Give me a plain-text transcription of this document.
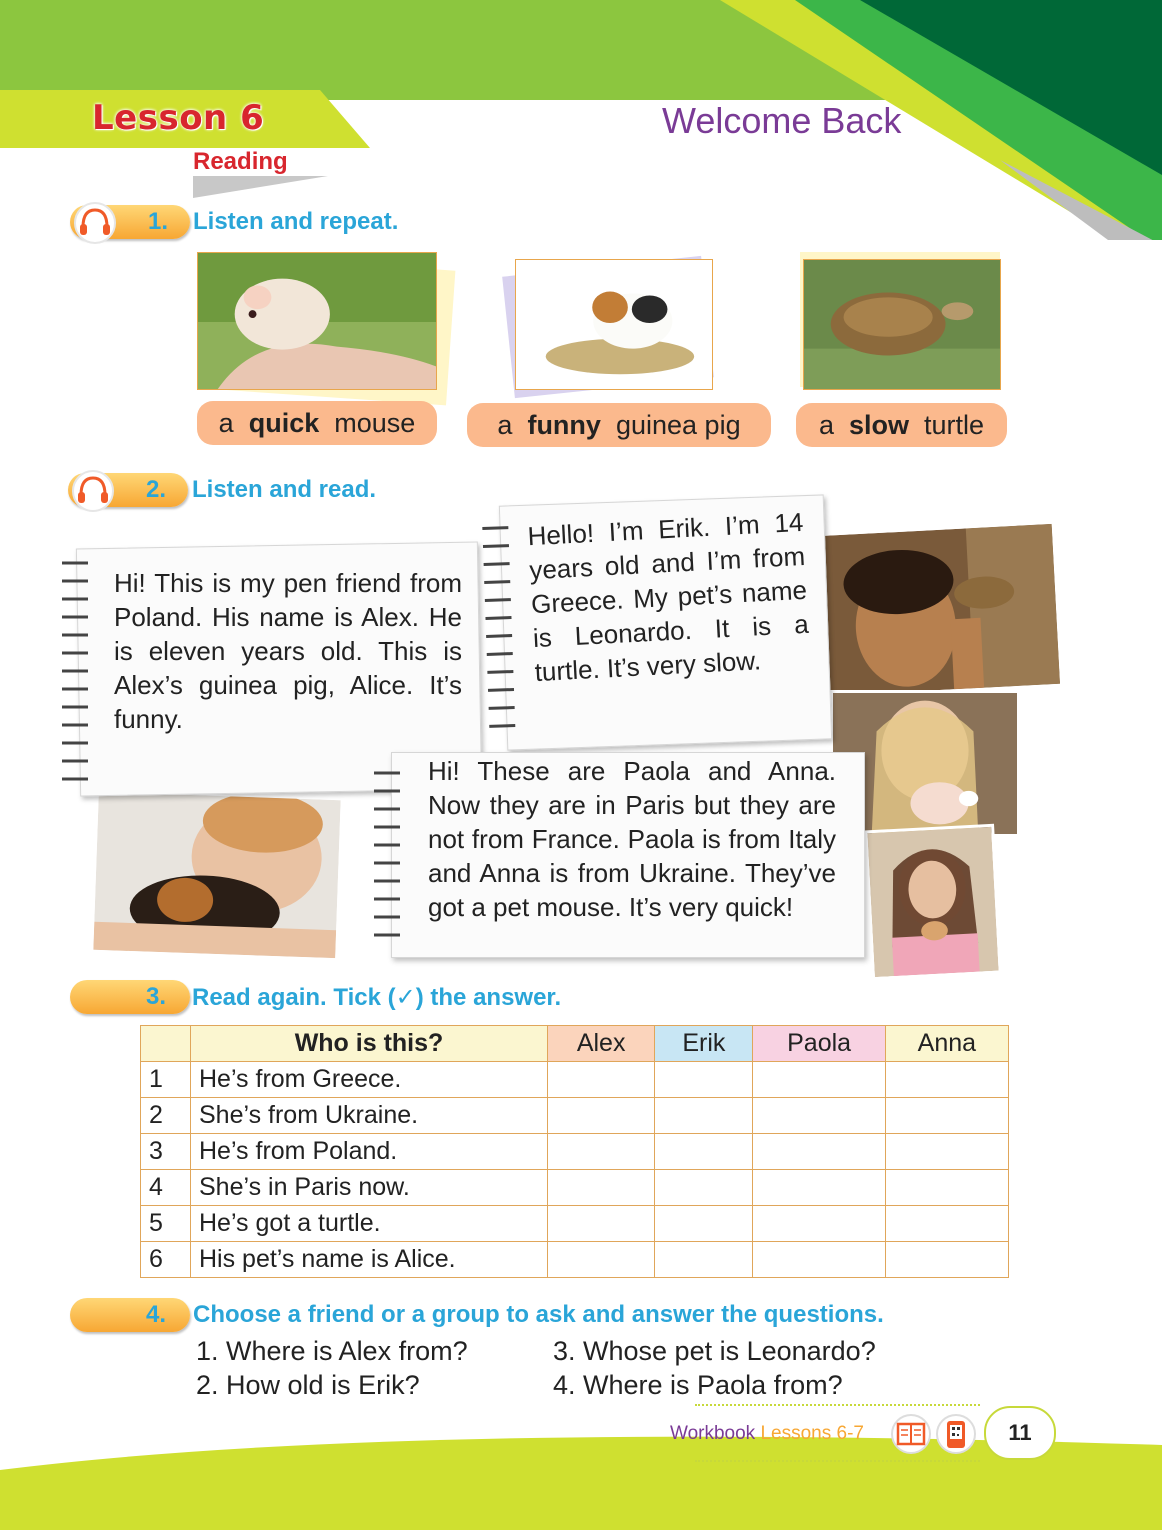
Lesson 6	Welcome Back
Reading
1. Listen and repeat.
a quick mouse	a funny guinea pig	a slow turtle
2. Listen and read.
Hi! This is my pen friend from Poland. His name is Alex. He is eleven years old. This is Alex’s guinea pig, Alice. It’s funny.
Hello! I’m Erik. I’m 14 years old and I’m from Greece. My pet’s name is Leonardo. It is a turtle. It’s very slow.
Hi! These are Paola and Anna. Now they are in Paris but they are not from France. Paola is from Italy and Anna is from Ukraine. They’ve got a pet mouse. It’s very quick!
3. Read again. Tick (✓) the answer.
	Who is this?	Alex	Erik	Paola	Anna
1	He’s from Greece.				
2	She’s from Ukraine.				
3	He’s from Poland.				
4	She’s in Paris now.				
5	He’s got a turtle.				
6	His pet’s name is Alice.				
4. Choose a friend or a group to ask and answer the questions.
1. Where is Alex from?
2. How old is Erik?
3. Whose pet is Leonardo?
4. Where is Paola from?
Workbook Lessons 6-7	11
